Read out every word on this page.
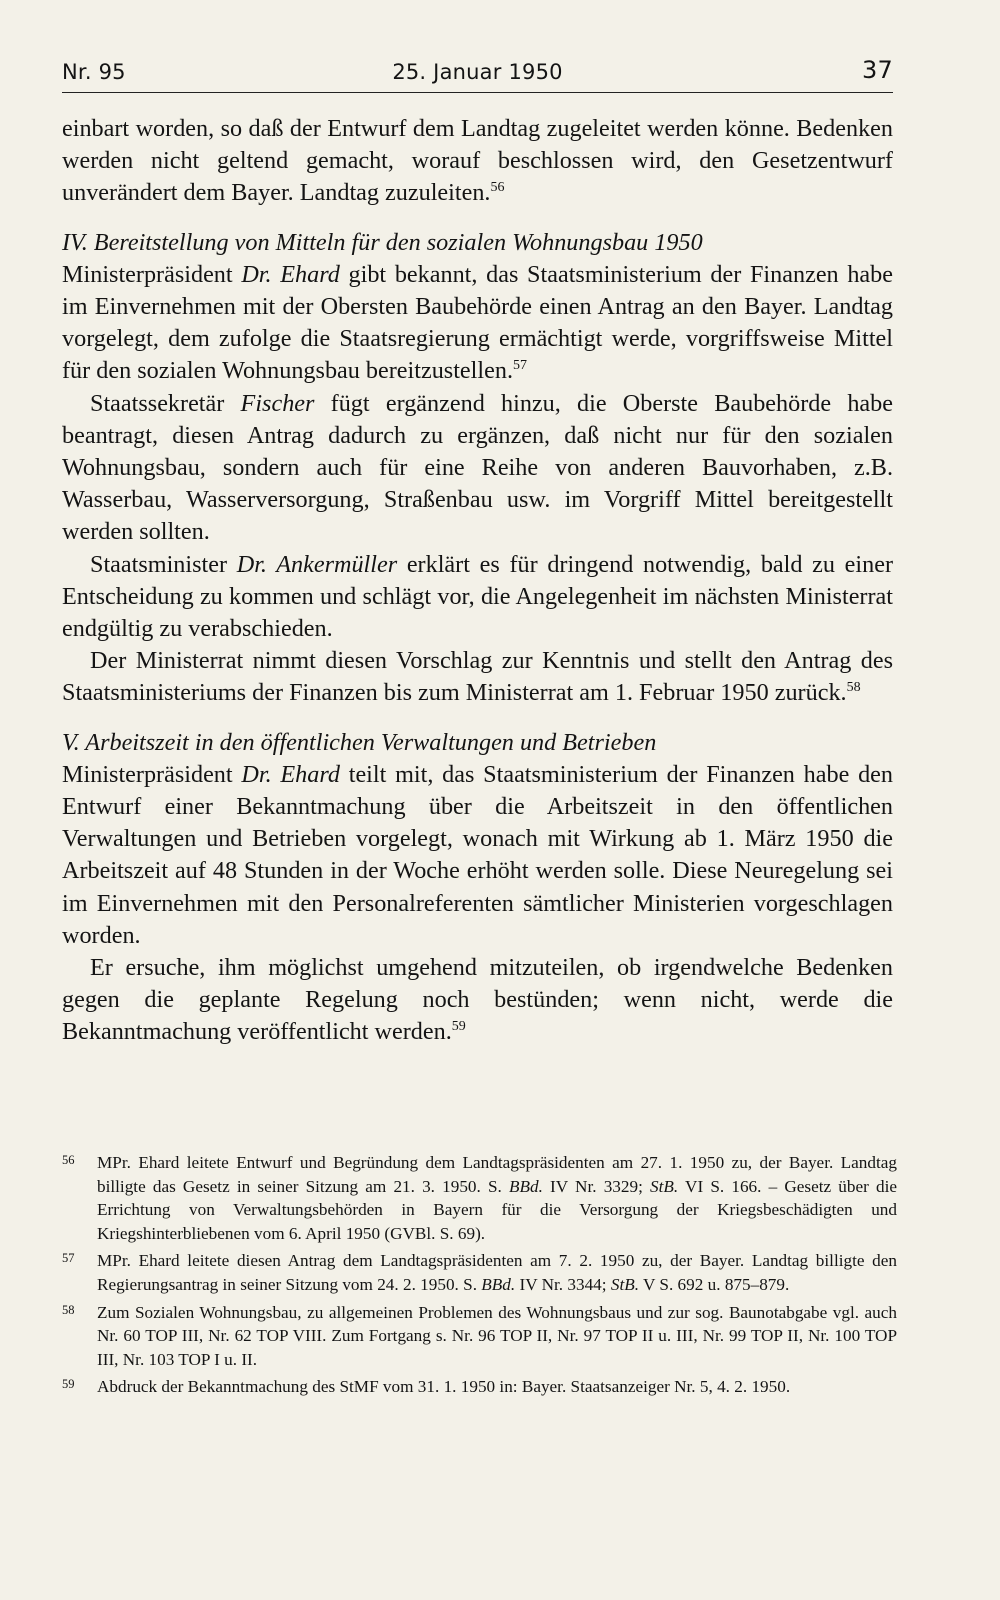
Nr. 95	25. Januar 1950	37

einbart worden, so daß der Entwurf dem Landtag zugeleitet werden könne. Bedenken werden nicht geltend gemacht, worauf beschlossen wird, den Gesetzentwurf unverändert dem Bayer. Landtag zuzuleiten.$^{56}$

IV. Bereitstellung von Mitteln für den sozialen Wohnungsbau 1950

Ministerpräsident Dr. Ehard gibt bekannt, das Staatsministerium der Finanzen habe im Einvernehmen mit der Obersten Baubehörde einen Antrag an den Bayer. Landtag vorgelegt, dem zufolge die Staatsregierung ermächtigt werde, vorgriffsweise Mittel für den sozialen Wohnungsbau bereitzustellen.$^{57}$

Staatssekretär Fischer fügt ergänzend hinzu, die Oberste Baubehörde habe beantragt, diesen Antrag dadurch zu ergänzen, daß nicht nur für den sozialen Wohnungsbau, sondern auch für eine Reihe von anderen Bauvorhaben, z.B. Wasserbau, Wasserversorgung, Straßenbau usw. im Vorgriff Mittel bereitgestellt werden sollten.

Staatsminister Dr. Ankermüller erklärt es für dringend notwendig, bald zu einer Entscheidung zu kommen und schlägt vor, die Angelegenheit im nächsten Ministerrat endgültig zu verabschieden.

Der Ministerrat nimmt diesen Vorschlag zur Kenntnis und stellt den Antrag des Staatsministeriums der Finanzen bis zum Ministerrat am 1. Februar 1950 zurück.$^{58}$

V. Arbeitszeit in den öffentlichen Verwaltungen und Betrieben

Ministerpräsident Dr. Ehard teilt mit, das Staatsministerium der Finanzen habe den Entwurf einer Bekanntmachung über die Arbeitszeit in den öffentlichen Verwaltungen und Betrieben vorgelegt, wonach mit Wirkung ab 1. März 1950 die Arbeitszeit auf 48 Stunden in der Woche erhöht werden solle. Diese Neuregelung sei im Einvernehmen mit den Personalreferenten sämtlicher Ministerien vorgeschlagen worden.

Er ersuche, ihm möglichst umgehend mitzuteilen, ob irgendwelche Bedenken gegen die geplante Regelung noch bestünden; wenn nicht, werde die Bekanntmachung veröffentlicht werden.$^{59}$

56 MPr. Ehard leitete Entwurf und Begründung dem Landtagspräsidenten am 27. 1. 1950 zu, der Bayer. Landtag billigte das Gesetz in seiner Sitzung am 21. 3. 1950. S. BBd. IV Nr. 3329; StB. VI S. 166. – Gesetz über die Errichtung von Verwaltungsbehörden in Bayern für die Versorgung der Kriegsbeschädigten und Kriegshinterbliebenen vom 6. April 1950 (GVBl. S. 69).
57 MPr. Ehard leitete diesen Antrag dem Landtagspräsidenten am 7. 2. 1950 zu, der Bayer. Landtag billigte den Regierungsantrag in seiner Sitzung vom 24. 2. 1950. S. BBd. IV Nr. 3344; StB. V S. 692 u. 875–879.
58 Zum Sozialen Wohnungsbau, zu allgemeinen Problemen des Wohnungsbaus und zur sog. Baunotabgabe vgl. auch Nr. 60 TOP III, Nr. 62 TOP VIII. Zum Fortgang s. Nr. 96 TOP II, Nr. 97 TOP II u. III, Nr. 99 TOP II, Nr. 100 TOP III, Nr. 103 TOP I u. II.
59 Abdruck der Bekanntmachung des StMF vom 31. 1. 1950 in: Bayer. Staatsanzeiger Nr. 5, 4. 2. 1950.
